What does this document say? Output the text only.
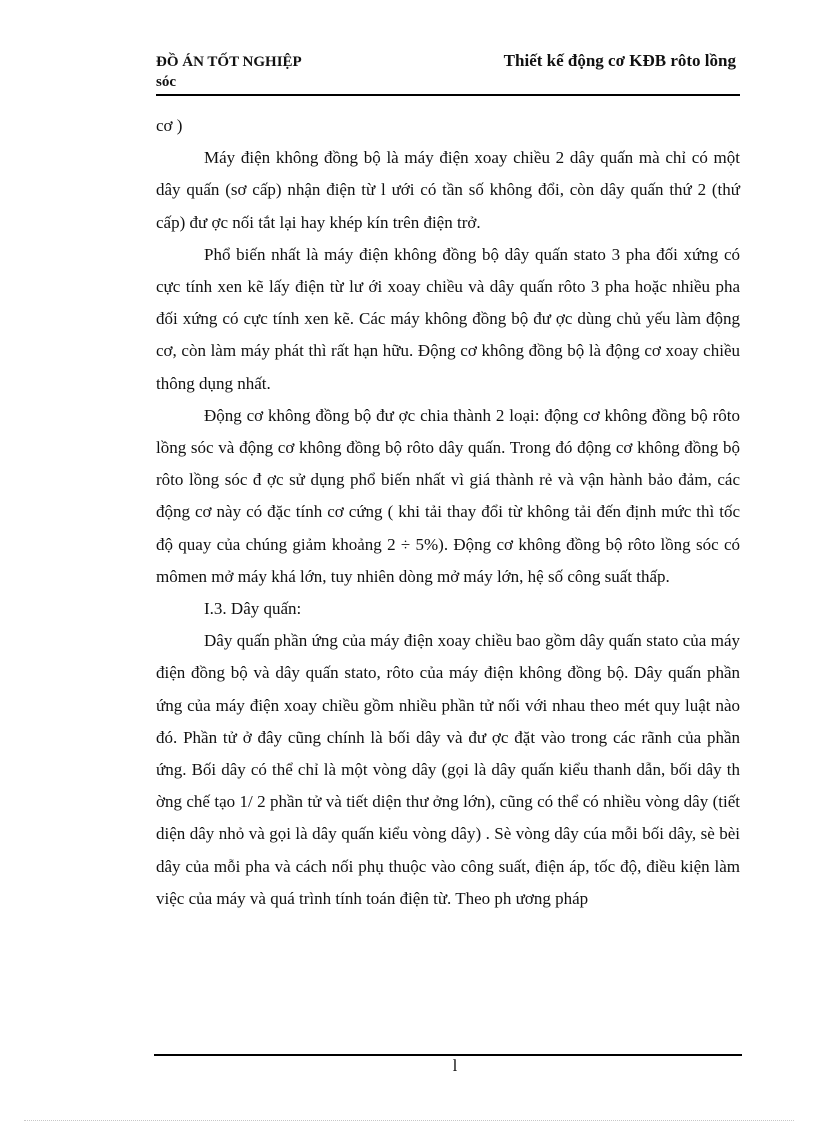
ĐỒ ÁN TỐT NGHIỆP	Thiết kế động cơ KĐB rôto lồng
sóc

cơ )

Máy điện không đồng bộ là máy điện xoay chiều 2 dây quấn mà chỉ có một dây quấn (sơ cấp) nhận điện từ l ưới có tần số không đổi, còn dây quấn thứ 2 (thứ cấp) đư ợc nối tắt lại hay khép kín trên điện trở.

Phổ biến nhất là máy điện không đồng bộ dây quấn stato 3 pha đối xứng có cực tính xen kẽ lấy điện từ lư ới xoay chiều và dây quấn rôto 3 pha hoặc nhiều pha đối xứng có cực tính xen kẽ. Các máy không đồng bộ đư ợc dùng chủ yếu làm động cơ, còn làm máy phát thì rất hạn hữu. Động cơ không đồng bộ là động cơ xoay chiều thông dụng nhất.

Động cơ không đồng bộ đư ợc chia thành 2 loại: động cơ không đồng bộ rôto lồng sóc và động cơ không đồng bộ rôto dây quấn. Trong đó động cơ không đồng bộ rôto lồng sóc đ ợc sử dụng phổ biến nhất vì giá thành rẻ và vận hành bảo đảm, các động cơ này có đặc tính cơ cứng ( khi tải thay đổi từ không tải đến định mức thì tốc độ quay của chúng giảm khoảng 2 ÷ 5%). Động cơ không đồng bộ rôto lồng sóc có mômen mở máy khá lớn, tuy nhiên dòng mở máy lớn, hệ số công suất thấp.

I.3. Dây quấn:

Dây quấn phần ứng của máy điện xoay chiều bao gồm dây quấn stato của máy điện đồng bộ và dây quấn stato, rôto của máy điện không đồng bộ. Dây quấn phần ứng của máy điện xoay chiều gồm nhiều phần tử nối với nhau theo mét quy luật nào đó. Phần tử ở đây cũng chính là bối dây và đư ợc đặt vào trong các rãnh của phần ứng. Bối dây có thể chỉ là một vòng dây (gọi là dây quấn kiểu thanh dẫn, bối dây th ờng chế tạo 1/ 2 phần tử và tiết diện thư ởng lớn), cũng có thể có nhiều vòng dây (tiết diện dây nhỏ và gọi là dây quấn kiểu vòng dây) . Sè vòng dây cúa mỗi bối dây, sè bèi dây của mỗi pha và cách nối phụ thuộc vào công suất, điện áp, tốc độ, điều kiện làm việc của máy và quá trình tính toán điện từ. Theo ph ương pháp

l
